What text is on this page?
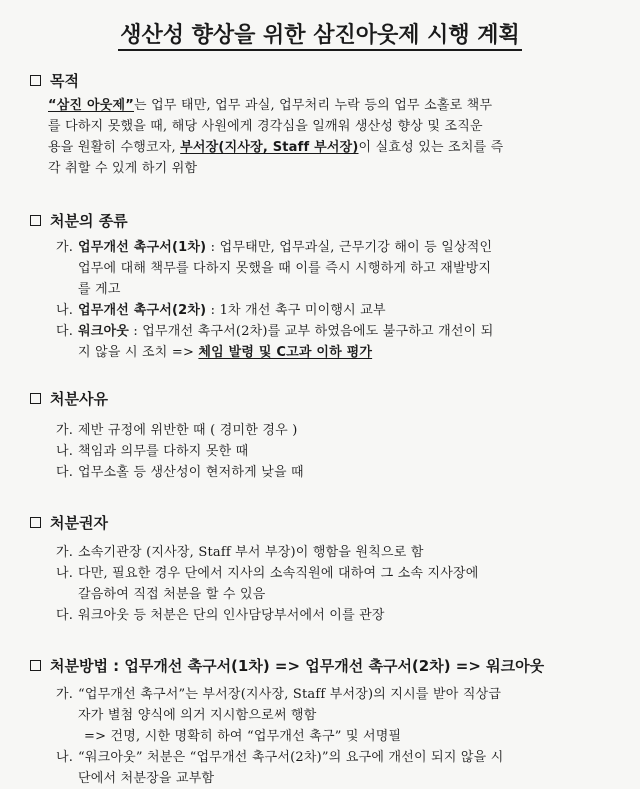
생산성 향상을 위한 삼진아웃제 시행 계획
목적
“삼진 아웃제”는 업무 태만, 업무 과실, 업무처리 누락 등의 업무 소홀로 책무
를 다하지 못했을 때, 해당 사원에게 경각심을 일깨워 생산성 향상 및 조직운
용을 원활히 수행코자, 부서장(지사장, Staff 부서장)이 실효성 있는 조치를 즉
각 취할 수 있게 하기 위함
처분의 종류
가. 업무개선 촉구서(1차) : 업무태만, 업무과실, 근무기강 해이 등 일상적인
업무에 대해 책무를 다하지 못했을 때 이를 즉시 시행하게 하고 재발방지
를 게고
나. 업무개선 촉구서(2차) : 1차 개선 촉구 미이행시 교부
다. 워크아웃 : 업무개선 촉구서(2차)를 교부 하였음에도 불구하고 개선이 되
지 않을 시 조치 => 체임 발령 및 C고과 이하 평가
처분사유
가. 제반 규정에 위반한 때 ( 경미한 경우 )
나. 책임과 의무를 다하지 못한 때
다. 업무소홀 등 생산성이 현저하게 낮을 때
처분권자
가. 소속기관장 (지사장, Staff 부서 부장)이 행함을 원칙으로 함
나. 다만, 필요한 경우 단에서 지사의 소속직원에 대하여 그 소속 지사장에
갈음하여 직접 처분을 할 수 있음
다. 워크아웃 등 처분은 단의 인사담당부서에서 이를 관장
처분방법 : 업무개선 촉구서(1차) => 업무개선 촉구서(2차) => 워크아웃
가. “업무개선 촉구서”는 부서장(지사장, Staff 부서장)의 지시를 받아 직상급
자가 별첨 양식에 의거 지시함으로써 행함
=> 건명, 시한 명확히 하여 “업무개선 촉구” 및 서명필
나. “워크아웃” 처분은 “업무개선 촉구서(2차)”의 요구에 개선이 되지 않을 시
단에서 처분장을 교부함
